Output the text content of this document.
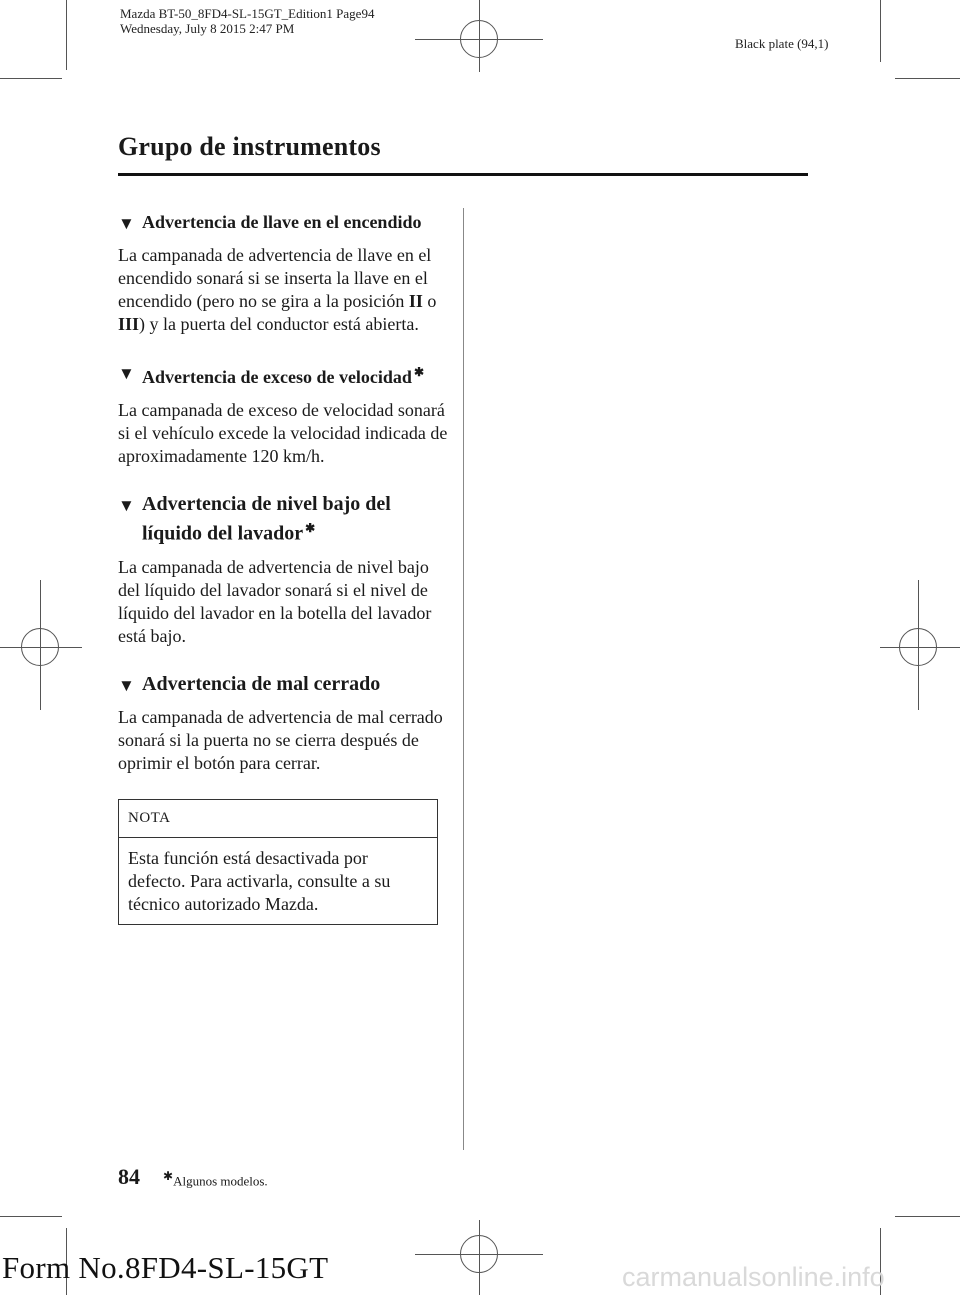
Mazda BT-50_8FD4-SL-15GT_Edition1 Page94
Wednesday, July 8 2015 2:47 PM
Black plate (94,1)
Grupo de instrumentos
▼ Advertencia de llave en el encendido

La campanada de advertencia de llave en el encendido sonará si se inserta la llave en el encendido (pero no se gira a la posición II o III) y la puerta del conductor está abierta.

▼ Advertencia de exceso de velocidad ✱

La campanada de exceso de velocidad sonará si el vehículo excede la velocidad indicada de aproximadamente 120 km/h.

▼ Advertencia de nivel bajo del
líquido del lavador ✱

La campanada de advertencia de nivel bajo del líquido del lavador sonará si el nivel de líquido del lavador en la botella del lavador está bajo.

▼ Advertencia de mal cerrado

La campanada de advertencia de mal cerrado sonará si la puerta no se cierra después de oprimir el botón para cerrar.

NOTA
Esta función está desactivada por defecto. Para activarla, consulte a su técnico autorizado Mazda.
84 ✱Algunos modelos.
Form No.8FD4-SL-15GT	carmanualsonline.info
